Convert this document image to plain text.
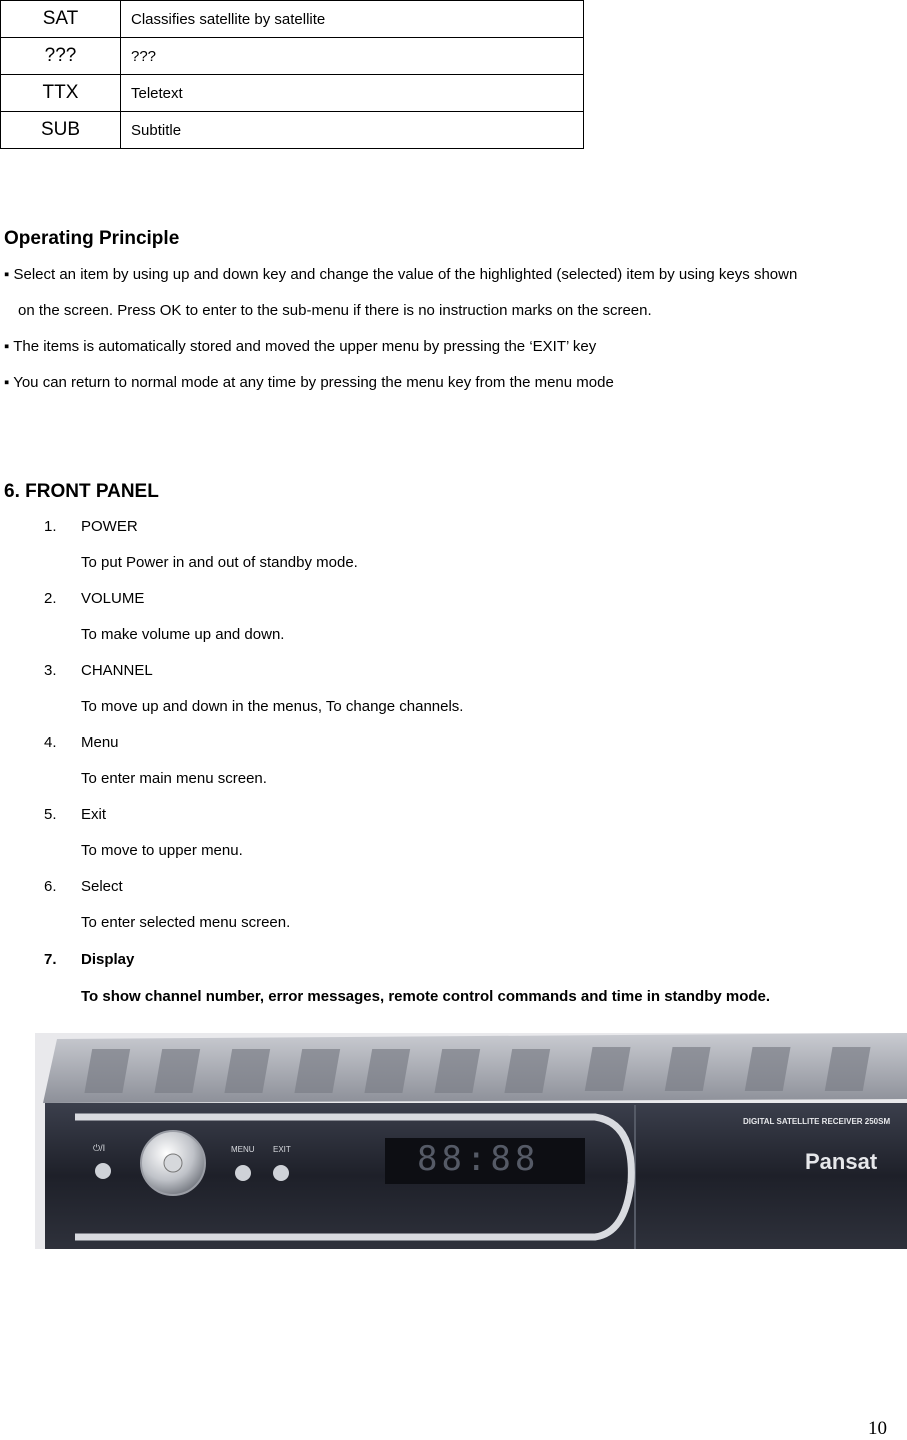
SAT	Classifies satellite by satellite
???	???
TTX	Teletext
SUB	Subtitle
Operating Principle

▪ Select an item by using up and down key and change the value of the highlighted (selected) item by using keys shown

on the screen. Press OK to enter to the sub-menu if there is no instruction marks on the screen.

▪ The items is automatically stored and moved the upper menu by pressing the ‘EXIT’ key

▪ You can return to normal mode at any time by pressing the menu key from the menu mode

6. FRONT PANEL
1. POWER
To put Power in and out of standby mode.
2. VOLUME
To make volume up and down.
3. CHANNEL
To move up and down in the menus, To change channels.
4. Menu
To enter main menu screen.
5. Exit
To move to upper menu.
6. Select
To enter selected menu screen.
7. Display
To show channel number, error messages, remote control commands and time in standby mode.
⏻/I	MENU EXIT	88:88
DIGITAL SATELLITE RECEIVER 250SM
Pansat
10
